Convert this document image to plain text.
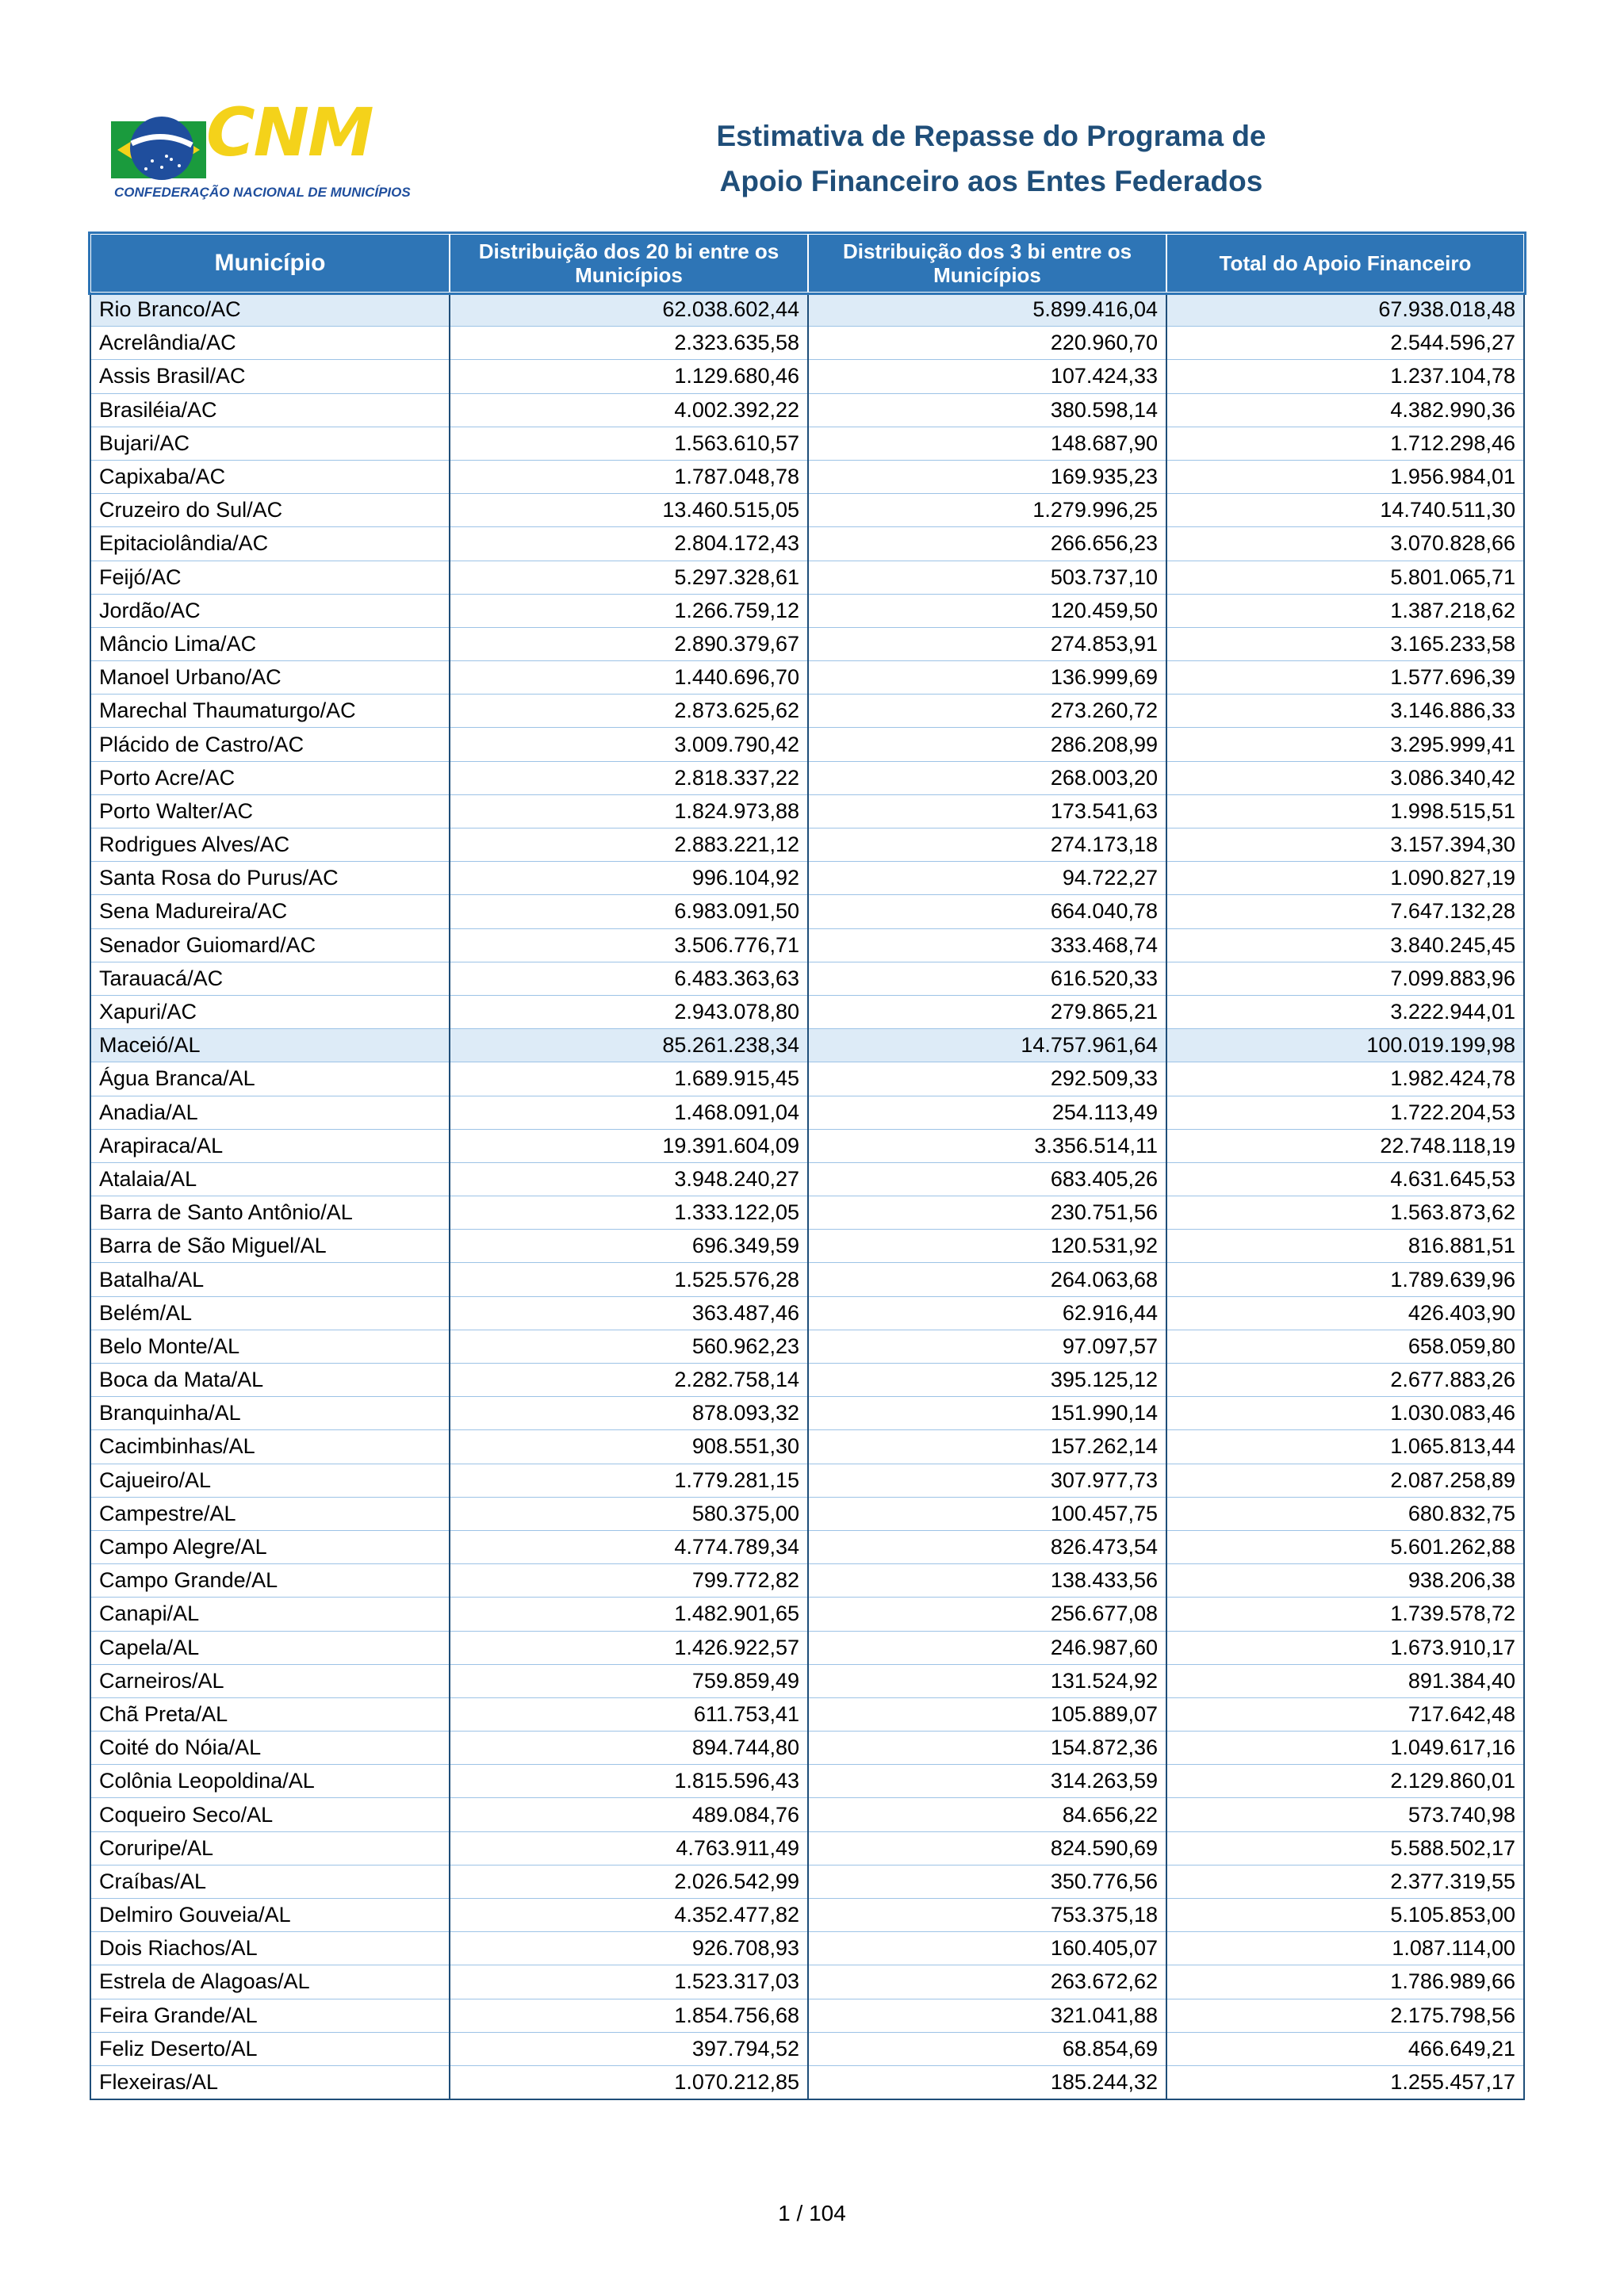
CNM
CONFEDERAÇÃO NACIONAL DE MUNICÍPIOS
Estimativa de Repasse do Programa de
Apoio Financeiro aos Entes Federados
Município	Distribuição dos 20 bi entre os Municípios	Distribuição dos 3 bi entre os Municípios	Total do Apoio Financeiro
Rio Branco/AC	62.038.602,44	5.899.416,04	67.938.018,48
Acrelândia/AC	2.323.635,58	220.960,70	2.544.596,27
Assis Brasil/AC	1.129.680,46	107.424,33	1.237.104,78
Brasiléia/AC	4.002.392,22	380.598,14	4.382.990,36
Bujari/AC	1.563.610,57	148.687,90	1.712.298,46
Capixaba/AC	1.787.048,78	169.935,23	1.956.984,01
Cruzeiro do Sul/AC	13.460.515,05	1.279.996,25	14.740.511,30
Epitaciolândia/AC	2.804.172,43	266.656,23	3.070.828,66
Feijó/AC	5.297.328,61	503.737,10	5.801.065,71
Jordão/AC	1.266.759,12	120.459,50	1.387.218,62
Mâncio Lima/AC	2.890.379,67	274.853,91	3.165.233,58
Manoel Urbano/AC	1.440.696,70	136.999,69	1.577.696,39
Marechal Thaumaturgo/AC	2.873.625,62	273.260,72	3.146.886,33
Plácido de Castro/AC	3.009.790,42	286.208,99	3.295.999,41
Porto Acre/AC	2.818.337,22	268.003,20	3.086.340,42
Porto Walter/AC	1.824.973,88	173.541,63	1.998.515,51
Rodrigues Alves/AC	2.883.221,12	274.173,18	3.157.394,30
Santa Rosa do Purus/AC	996.104,92	94.722,27	1.090.827,19
Sena Madureira/AC	6.983.091,50	664.040,78	7.647.132,28
Senador Guiomard/AC	3.506.776,71	333.468,74	3.840.245,45
Tarauacá/AC	6.483.363,63	616.520,33	7.099.883,96
Xapuri/AC	2.943.078,80	279.865,21	3.222.944,01
Maceió/AL	85.261.238,34	14.757.961,64	100.019.199,98
Água Branca/AL	1.689.915,45	292.509,33	1.982.424,78
Anadia/AL	1.468.091,04	254.113,49	1.722.204,53
Arapiraca/AL	19.391.604,09	3.356.514,11	22.748.118,19
Atalaia/AL	3.948.240,27	683.405,26	4.631.645,53
Barra de Santo Antônio/AL	1.333.122,05	230.751,56	1.563.873,62
Barra de São Miguel/AL	696.349,59	120.531,92	816.881,51
Batalha/AL	1.525.576,28	264.063,68	1.789.639,96
Belém/AL	363.487,46	62.916,44	426.403,90
Belo Monte/AL	560.962,23	97.097,57	658.059,80
Boca da Mata/AL	2.282.758,14	395.125,12	2.677.883,26
Branquinha/AL	878.093,32	151.990,14	1.030.083,46
Cacimbinhas/AL	908.551,30	157.262,14	1.065.813,44
Cajueiro/AL	1.779.281,15	307.977,73	2.087.258,89
Campestre/AL	580.375,00	100.457,75	680.832,75
Campo Alegre/AL	4.774.789,34	826.473,54	5.601.262,88
Campo Grande/AL	799.772,82	138.433,56	938.206,38
Canapi/AL	1.482.901,65	256.677,08	1.739.578,72
Capela/AL	1.426.922,57	246.987,60	1.673.910,17
Carneiros/AL	759.859,49	131.524,92	891.384,40
Chã Preta/AL	611.753,41	105.889,07	717.642,48
Coité do Nóia/AL	894.744,80	154.872,36	1.049.617,16
Colônia Leopoldina/AL	1.815.596,43	314.263,59	2.129.860,01
Coqueiro Seco/AL	489.084,76	84.656,22	573.740,98
Coruripe/AL	4.763.911,49	824.590,69	5.588.502,17
Craíbas/AL	2.026.542,99	350.776,56	2.377.319,55
Delmiro Gouveia/AL	4.352.477,82	753.375,18	5.105.853,00
Dois Riachos/AL	926.708,93	160.405,07	1.087.114,00
Estrela de Alagoas/AL	1.523.317,03	263.672,62	1.786.989,66
Feira Grande/AL	1.854.756,68	321.041,88	2.175.798,56
Feliz Deserto/AL	397.794,52	68.854,69	466.649,21
Flexeiras/AL	1.070.212,85	185.244,32	1.255.457,17
1 / 104
